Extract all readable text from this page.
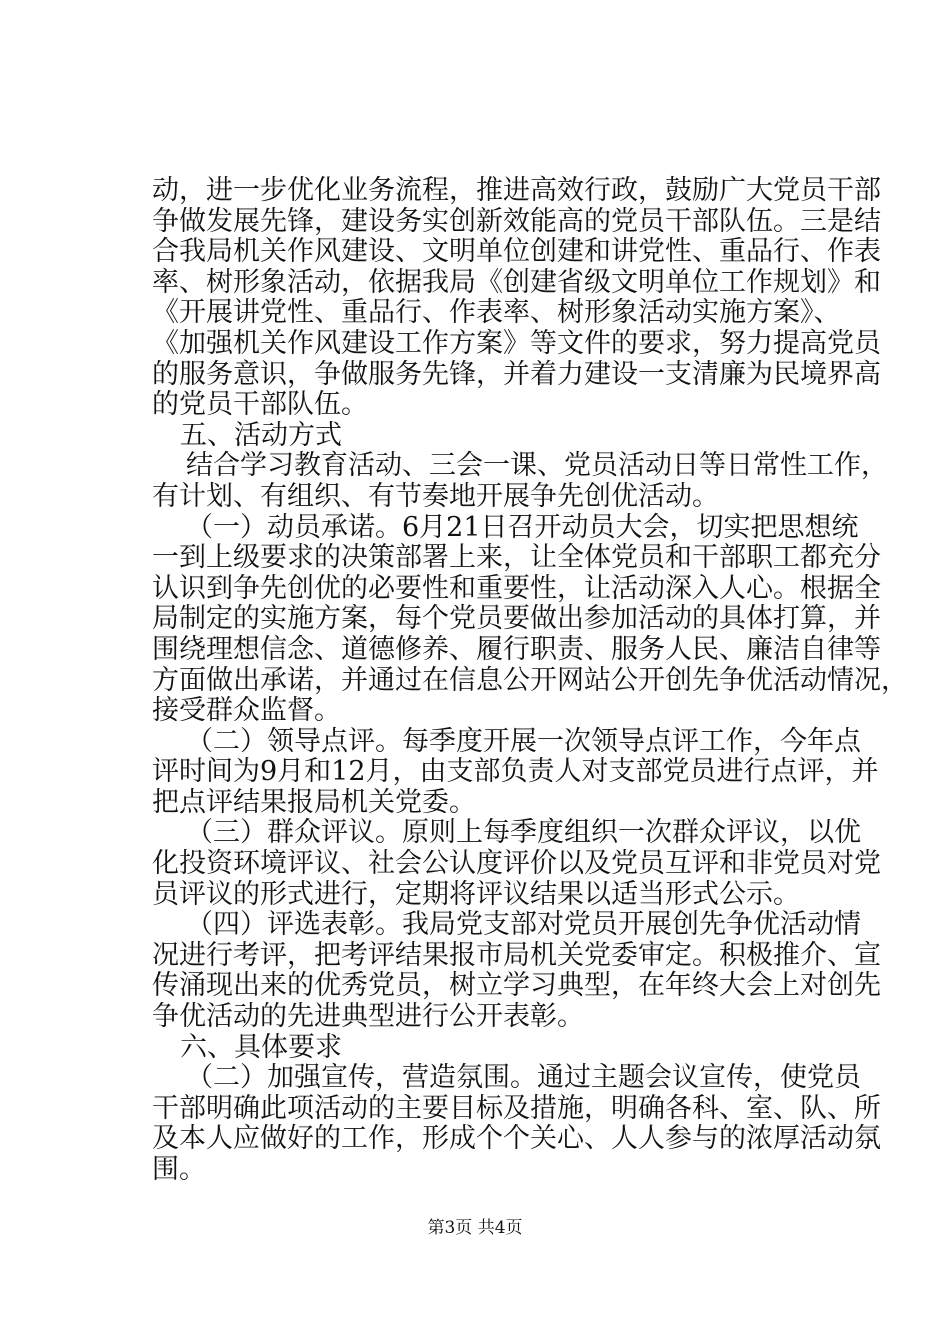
动，进一步优化业务流程，推进高效行政，鼓励广大党员干部
争做发展先锋，建设务实创新效能高的党员干部队伍。三是结
合我局机关作风建设、文明单位创建和讲党性、重品行、作表
率、树形象活动，依据我局《创建省级文明单位工作规划》和
《开展讲党性、重品行、作表率、树形象活动实施方案》、
《加强机关作风建设工作方案》等文件的要求，努力提高党员
的服务意识，争做服务先锋，并着力建设一支清廉为民境界高
的党员干部队伍。
五、活动方式
结合学习教育活动、三会一课、党员活动日等日常性工作，
有计划、有组织、有节奏地开展争先创优活动。
（一）动员承诺。6月21日召开动员大会，切实把思想统
一到上级要求的决策部署上来，让全体党员和干部职工都充分
认识到争先创优的必要性和重要性，让活动深入人心。根据全
局制定的实施方案，每个党员要做出参加活动的具体打算，并
围绕理想信念、道德修养、履行职责、服务人民、廉洁自律等
方面做出承诺，并通过在信息公开网站公开创先争优活动情况，
接受群众监督。
（二）领导点评。每季度开展一次领导点评工作，今年点
评时间为9月和12月，由支部负责人对支部党员进行点评，并
把点评结果报局机关党委。
（三）群众评议。原则上每季度组织一次群众评议，以优
化投资环境评议、社会公认度评价以及党员互评和非党员对党
员评议的形式进行，定期将评议结果以适当形式公示。
（四）评选表彰。我局党支部对党员开展创先争优活动情
况进行考评，把考评结果报市局机关党委审定。积极推介、宣
传涌现出来的优秀党员，树立学习典型，在年终大会上对创先
争优活动的先进典型进行公开表彰。
六、具体要求
（二）加强宣传，营造氛围。通过主题会议宣传，使党员
干部明确此项活动的主要目标及措施，明确各科、室、队、所
及本人应做好的工作，形成个个关心、人人参与的浓厚活动氛
围。
第3页 共4页
